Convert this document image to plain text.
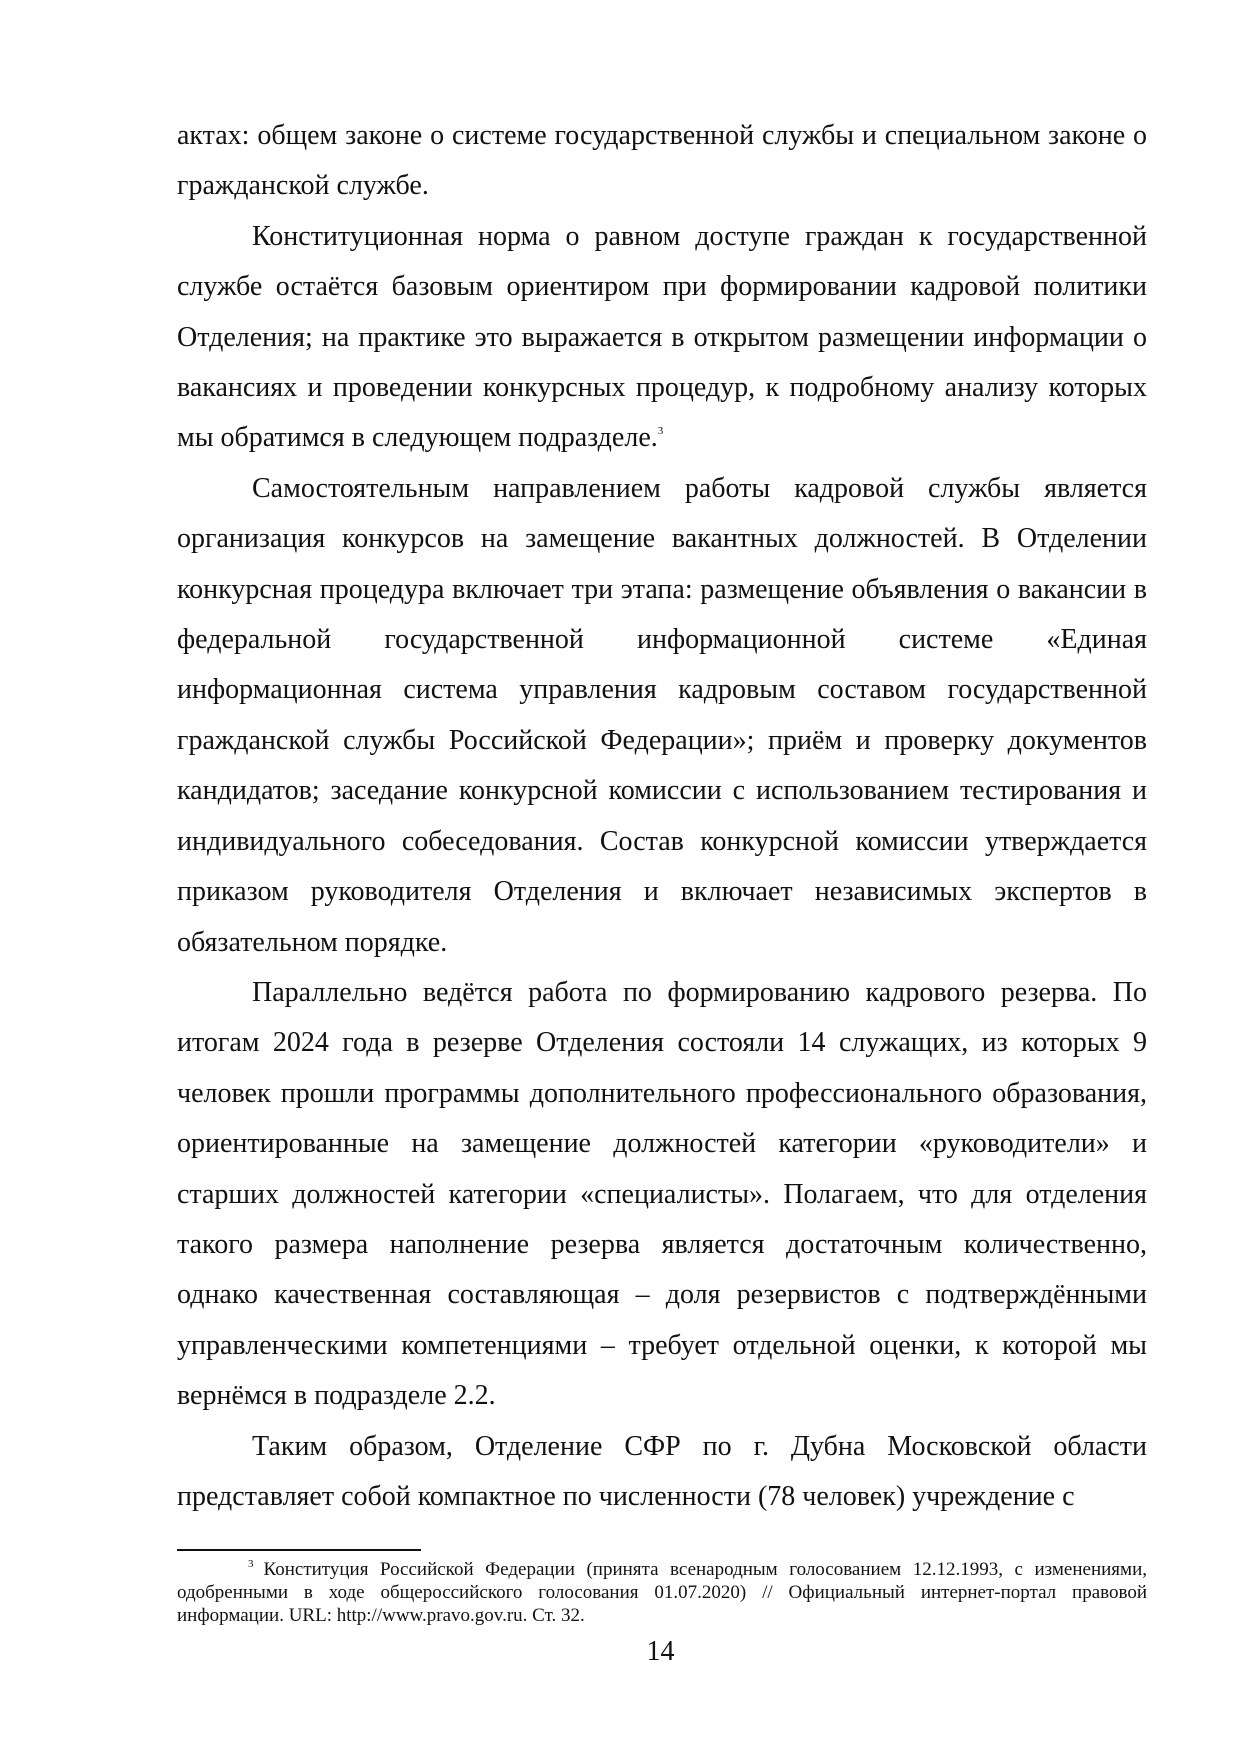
актах: общем законе о системе государственной службы и специальном законе о гражданской службе.

Конституционная норма о равном доступе граждан к государственной службе остаётся базовым ориентиром при формировании кадровой политики Отделения; на практике это выражается в открытом размещении информации о вакансиях и проведении конкурсных процедур, к подробному анализу которых мы обратимся в следующем подразделе.$^3$

Самостоятельным направлением работы кадровой службы является организация конкурсов на замещение вакантных должностей. В Отделении конкурсная процедура включает три этапа: размещение объявления о вакансии в федеральной государственной информационной системе «Единая информационная система управления кадровым составом государственной гражданской службы Российской Федерации»; приём и проверку документов кандидатов; заседание конкурсной комиссии с использованием тестирования и индивидуального собеседования. Состав конкурсной комиссии утверждается приказом руководителя Отделения и включает независимых экспертов в обязательном порядке.

Параллельно ведётся работа по формированию кадрового резерва. По итогам 2024 года в резерве Отделения состояли 14 служащих, из которых 9 человек прошли программы дополнительного профессионального образования, ориентированные на замещение должностей категории «руководители» и старших должностей категории «специалисты». Полагаем, что для отделения такого размера наполнение резерва является достаточным количественно, однако качественная составляющая – доля резервистов с подтверждёнными управленческими компетенциями – требует отдельной оценки, к которой мы вернёмся в подразделе 2.2.

Таким образом, Отделение СФР по г. Дубна Московской области представляет собой компактное по численности (78 человек) учреждение с

$^3$ Конституция Российской Федерации (принята всенародным голосованием 12.12.1993, с изменениями, одобренными в ходе общероссийского голосования 01.07.2020) // Официальный интернет-портал правовой информации. URL: http://www.pravo.gov.ru. Ст. 32.

14
